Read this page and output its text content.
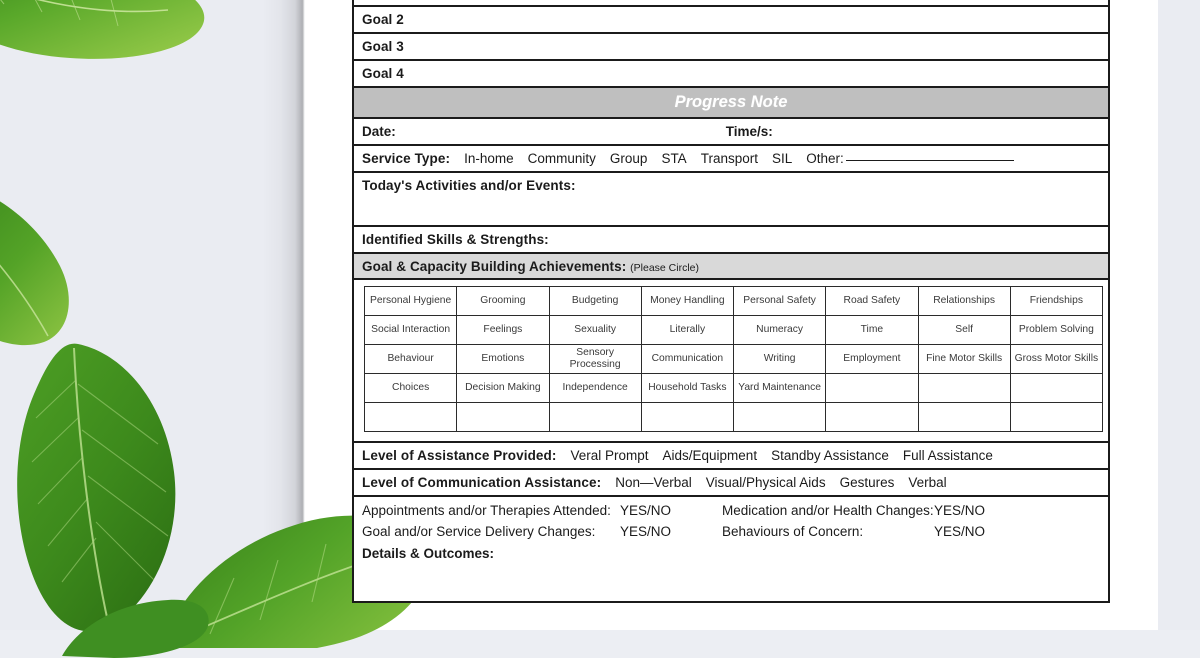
Goal 2
Goal 3
Goal 4
Progress Note

Date:	Time/s:

Service Type: In-home Community Group STA Transport SIL Other:
Today's Activities and/or Events:
Identified Skills & Strengths:
Goal & Capacity Building Achievements: (Please Circle)

Personal Hygiene	Grooming	Budgeting	Money Handling	Personal Safety	Road Safety	Relationships	Friendships
Social Interaction	Feelings	Sexuality	Literally	Numeracy	Time	Self	Problem Solving
Behaviour	Emotions	Sensory Processing	Communication	Writing	Employment	Fine Motor Skills	Gross Motor Skills
Choices	Decision Making	Independence	Household Tasks	Yard Maintenance			

Level of Assistance Provided: Veral Prompt Aids/Equipment Standby Assistance Full Assistance
Level of Communication Assistance: Non—Verbal Visual/Physical Aids Gestures Verbal

Appointments and/or Therapies Attended: YES/NO	Medication and/or Health Changes: YES/NO
Goal and/or Service Delivery Changes:	YES/NO	Behaviours of Concern:	YES/NO
Details & Outcomes:
